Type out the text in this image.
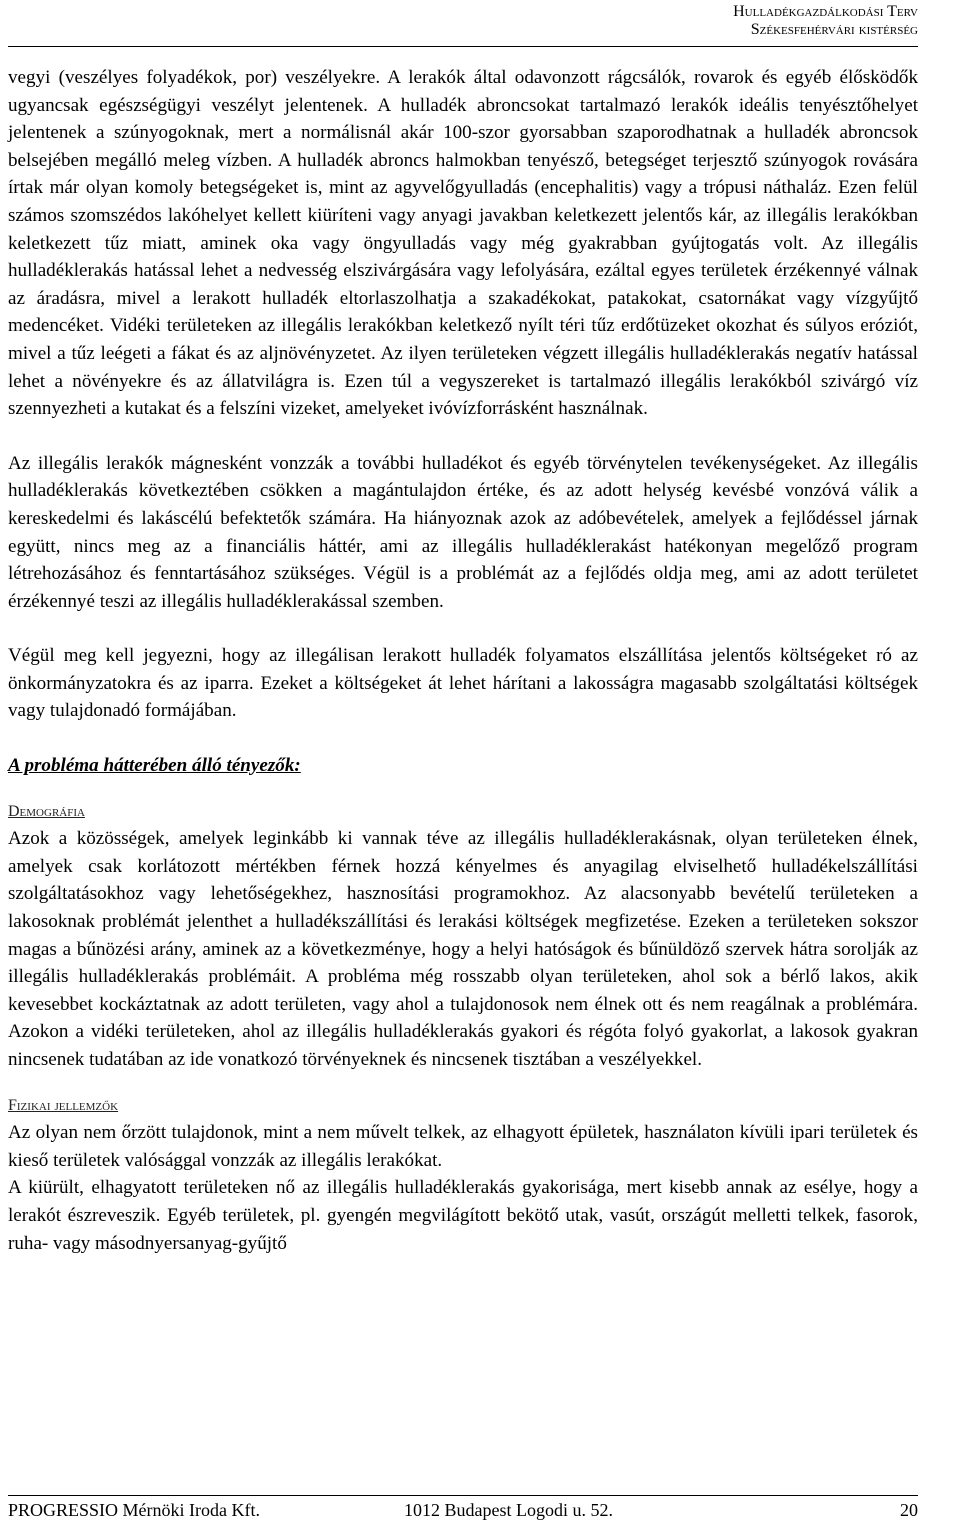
Hulladékgazdálkodási Terv
Székesfehérvári kistérség

vegyi (veszélyes folyadékok, por) veszélyekre. A lerakók által odavonzott rágcsálók, rovarok és egyéb élősködők ugyancsak egészségügyi veszélyt jelentenek. A hulladék abroncsokat tartalmazó lerakók ideális tenyésztőhelyet jelentenek a szúnyogoknak, mert a normálisnál akár 100-szor gyorsabban szaporodhatnak a hulladék abroncsok belsejében megálló meleg vízben. A hulladék abroncs halmokban tenyésző, betegséget terjesztő szúnyogok rovására írtak már olyan komoly betegségeket is, mint az agyvelőgyulladás (encephalitis) vagy a trópusi náthaláz. Ezen felül számos szomszédos lakóhelyet kellett kiüríteni vagy anyagi javakban keletkezett jelentős kár, az illegális lerakókban keletkezett tűz miatt, aminek oka vagy öngyulladás vagy még gyakrabban gyújtogatás volt. Az illegális hulladéklerakás hatással lehet a nedvesség elszivárgására vagy lefolyására, ezáltal egyes területek érzékennyé válnak az áradásra, mivel a lerakott hulladék eltorlaszolhatja a szakadékokat, patakokat, csatornákat vagy vízgyűjtő medencéket. Vidéki területeken az illegális lerakókban keletkező nyílt téri tűz erdőtüzeket okozhat és súlyos eróziót, mivel a tűz leégeti a fákat és az aljnövényzetet. Az ilyen területeken végzett illegális hulladéklerakás negatív hatással lehet a növényekre és az állatvilágra is. Ezen túl a vegyszereket is tartalmazó illegális lerakókból szivárgó víz szennyezheti a kutakat és a felszíni vizeket, amelyeket ivóvízforrásként használnak.

Az illegális lerakók mágnesként vonzzák a további hulladékot és egyéb törvénytelen tevékenységeket. Az illegális hulladéklerakás következtében csökken a magántulajdon értéke, és az adott helység kevésbé vonzóvá válik a kereskedelmi és lakáscélú befektetők számára. Ha hiányoznak azok az adóbevételek, amelyek a fejlődéssel járnak együtt, nincs meg az a financiális háttér, ami az illegális hulladéklerakást hatékonyan megelőző program létrehozásához és fenntartásához szükséges. Végül is a problémát az a fejlődés oldja meg, ami az adott területet érzékennyé teszi az illegális hulladéklerakással szemben.

Végül meg kell jegyezni, hogy az illegálisan lerakott hulladék folyamatos elszállítása jelentős költségeket ró az önkormányzatokra és az iparra. Ezeket a költségeket át lehet hárítani a lakosságra magasabb szolgáltatási költségek vagy tulajdonadó formájában.

A probléma hátterében álló tényezők:

Demográfia

Azok a közösségek, amelyek leginkább ki vannak téve az illegális hulladéklerakásnak, olyan területeken élnek, amelyek csak korlátozott mértékben férnek hozzá kényelmes és anyagilag elviselhető hulladékelszállítási szolgáltatásokhoz vagy lehetőségekhez, hasznosítási programokhoz. Az alacsonyabb bevételű területeken a lakosoknak problémát jelenthet a hulladékszállítási és lerakási költségek megfizetése. Ezeken a területeken sokszor magas a bűnözési arány, aminek az a következménye, hogy a helyi hatóságok és bűnüldöző szervek hátra sorolják az illegális hulladéklerakás problémáit. A probléma még rosszabb olyan területeken, ahol sok a bérlő lakos, akik kevesebbet kockáztatnak az adott területen, vagy ahol a tulajdonosok nem élnek ott és nem reagálnak a problémára. Azokon a vidéki területeken, ahol az illegális hulladéklerakás gyakori és régóta folyó gyakorlat, a lakosok gyakran nincsenek tudatában az ide vonatkozó törvényeknek és nincsenek tisztában a veszélyekkel.

Fizikai jellemzők

Az olyan nem őrzött tulajdonok, mint a nem művelt telkek, az elhagyott épületek, használaton kívüli ipari területek és kieső területek valósággal vonzzák az illegális lerakókat.

A kiürült, elhagyatott területeken nő az illegális hulladéklerakás gyakorisága, mert kisebb annak az esélye, hogy a lerakót észreveszik. Egyéb területek, pl. gyengén megvilágított bekötő utak, vasút, országút melletti telkek, fasorok, ruha- vagy másodnyersanyag-gyűjtő

PROGRESSIO Mérnöki Iroda Kft.	1012 Budapest Logodi u. 52.	20
